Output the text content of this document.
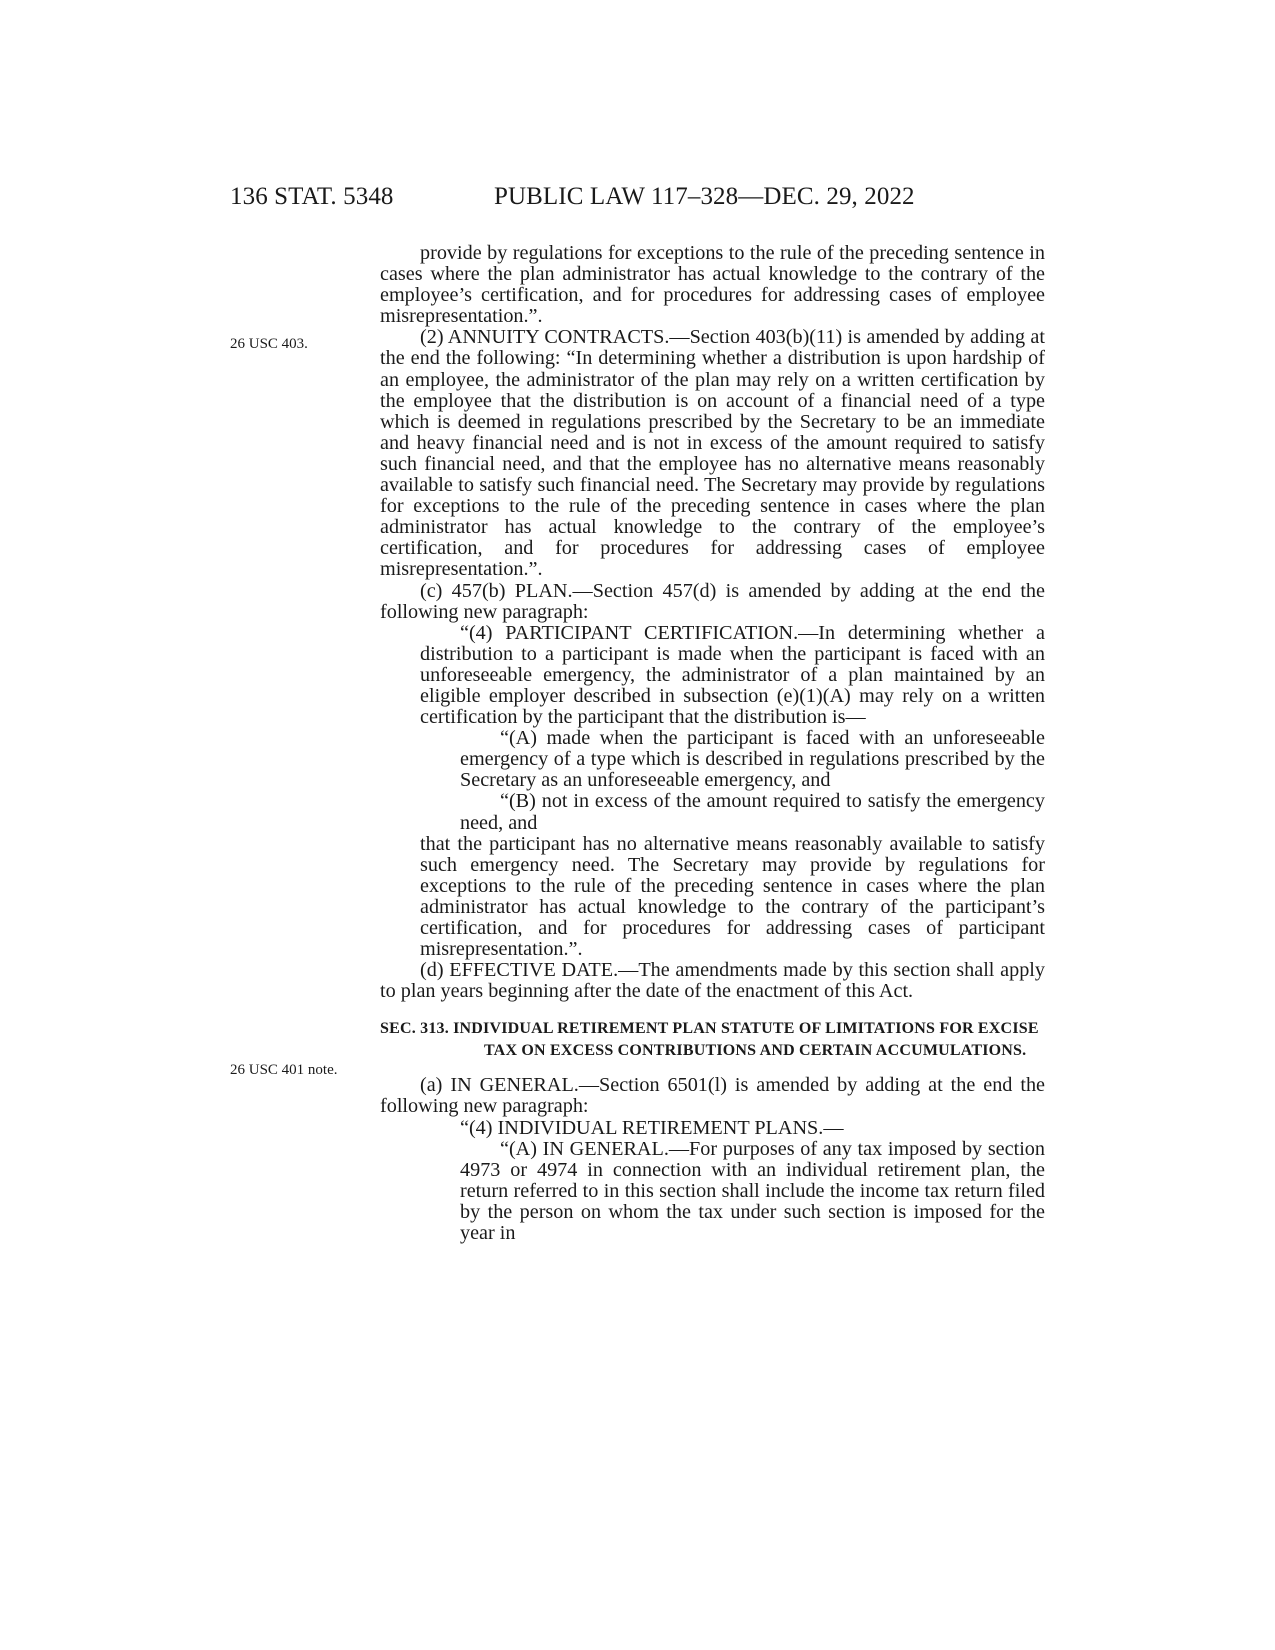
136 STAT. 5348	PUBLIC LAW 117–328—DEC. 29, 2022
26 USC 403.
26 USC 401 note.

provide by regulations for exceptions to the rule of the preceding sentence in cases where the plan administrator has actual knowledge to the contrary of the employee’s certification, and for procedures for addressing cases of employee misrepresentation.”.

(2) ANNUITY CONTRACTS.—Section 403(b)(11) is amended by adding at the end the following: “In determining whether a distribution is upon hardship of an employee, the administrator of the plan may rely on a written certification by the employee that the distribution is on account of a financial need of a type which is deemed in regulations prescribed by the Secretary to be an immediate and heavy financial need and is not in excess of the amount required to satisfy such financial need, and that the employee has no alternative means reasonably available to satisfy such financial need. The Secretary may provide by regulations for exceptions to the rule of the preceding sentence in cases where the plan administrator has actual knowledge to the contrary of the employee’s certification, and for procedures for addressing cases of employee misrepresentation.”.

(c) 457(b) PLAN.—Section 457(d) is amended by adding at the end the following new paragraph:

“(4) PARTICIPANT CERTIFICATION.—In determining whether a distribution to a participant is made when the participant is faced with an unforeseeable emergency, the administrator of a plan maintained by an eligible employer described in subsection (e)(1)(A) may rely on a written certification by the participant that the distribution is—

“(A) made when the participant is faced with an unforeseeable emergency of a type which is described in regulations prescribed by the Secretary as an unforeseeable emergency, and

“(B) not in excess of the amount required to satisfy the emergency need, and

that the participant has no alternative means reasonably available to satisfy such emergency need. The Secretary may provide by regulations for exceptions to the rule of the preceding sentence in cases where the plan administrator has actual knowledge to the contrary of the participant’s certification, and for procedures for addressing cases of participant misrepresentation.”.

(d) EFFECTIVE DATE.—The amendments made by this section shall apply to plan years beginning after the date of the enactment of this Act.

SEC. 313. INDIVIDUAL RETIREMENT PLAN STATUTE OF LIMITATIONS FOR EXCISE TAX ON EXCESS CONTRIBUTIONS AND CERTAIN ACCUMULATIONS.

(a) IN GENERAL.—Section 6501(l) is amended by adding at the end the following new paragraph:

“(4) INDIVIDUAL RETIREMENT PLANS.—

“(A) IN GENERAL.—For purposes of any tax imposed by section 4973 or 4974 in connection with an individual retirement plan, the return referred to in this section shall include the income tax return filed by the person on whom the tax under such section is imposed for the year in
